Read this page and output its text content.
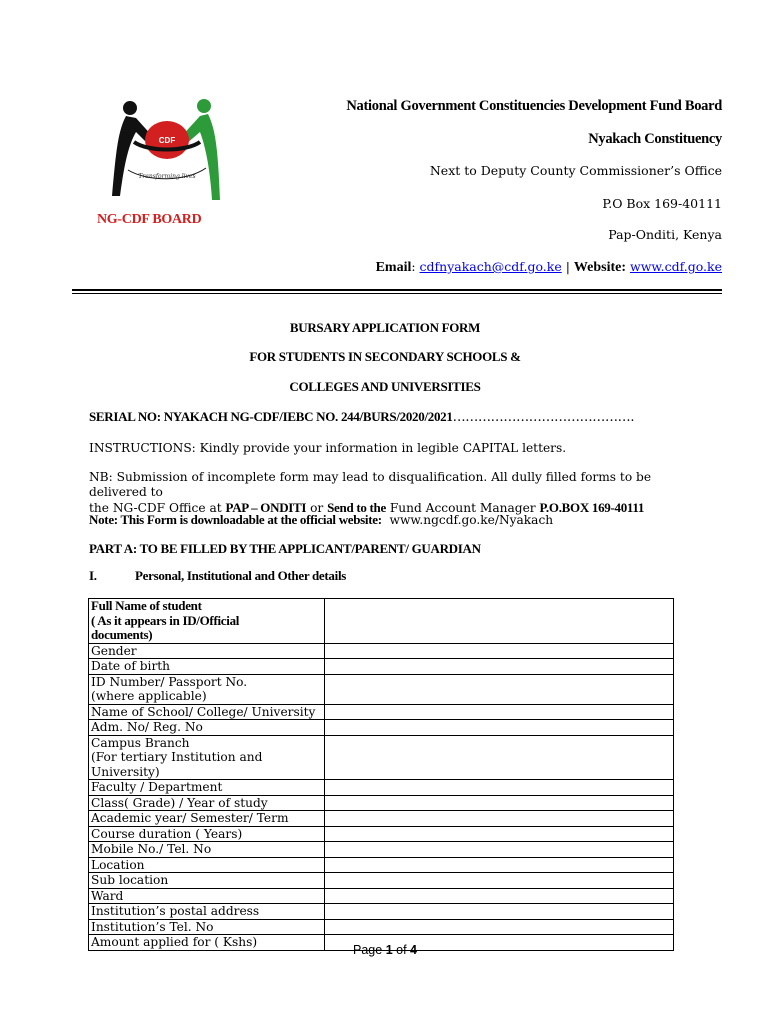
CDF
Transforming lives
NG-CDF BOARD
National Government Constituencies Development Fund Board
Nyakach Constituency
Next to Deputy County Commissioner’s Office
P.O Box 169-40111
Pap-Onditi, Kenya
Email: cdfnyakach@cdf.go.ke | Website: www.cdf.go.ke
BURSARY APPLICATION FORM
FOR STUDENTS IN SECONDARY SCHOOLS &
COLLEGES AND UNIVERSITIES
SERIAL NO: NYAKACH NG-CDF/IEBC NO. 244/BURS/2020/2021…………………………………….
INSTRUCTIONS: Kindly provide your information in legible CAPITAL letters.
NB: Submission of incomplete form may lead to disqualification. All dully filled forms to be delivered to
the NG-CDF Office at PAP – ONDITI or Send to the Fund Account Manager P.O.BOX 169-40111
Note: This Form is downloadable at the official website: www.ngcdf.go.ke/Nyakach
PART A: TO BE FILLED BY THE APPLICANT/PARENT/ GUARDIAN
I.	Personal, Institutional and Other details
Full Name of student
( As it appears in ID/Official
documents)	

Gender	

Date of birth	

ID Number/ Passport No.
(where applicable)	

Name of School/ College/ University	

Adm. No/ Reg. No	

Campus Branch
(For tertiary Institution and University)	

Faculty / Department	

Class( Grade) / Year of study	

Academic year/ Semester/ Term	

Course duration ( Years)	

Mobile No./ Tel. No	

Location	

Sub location	

Ward	

Institution’s postal address	

Institution’s Tel. No	

Amount applied for ( Kshs)	

Page 1 of 4
